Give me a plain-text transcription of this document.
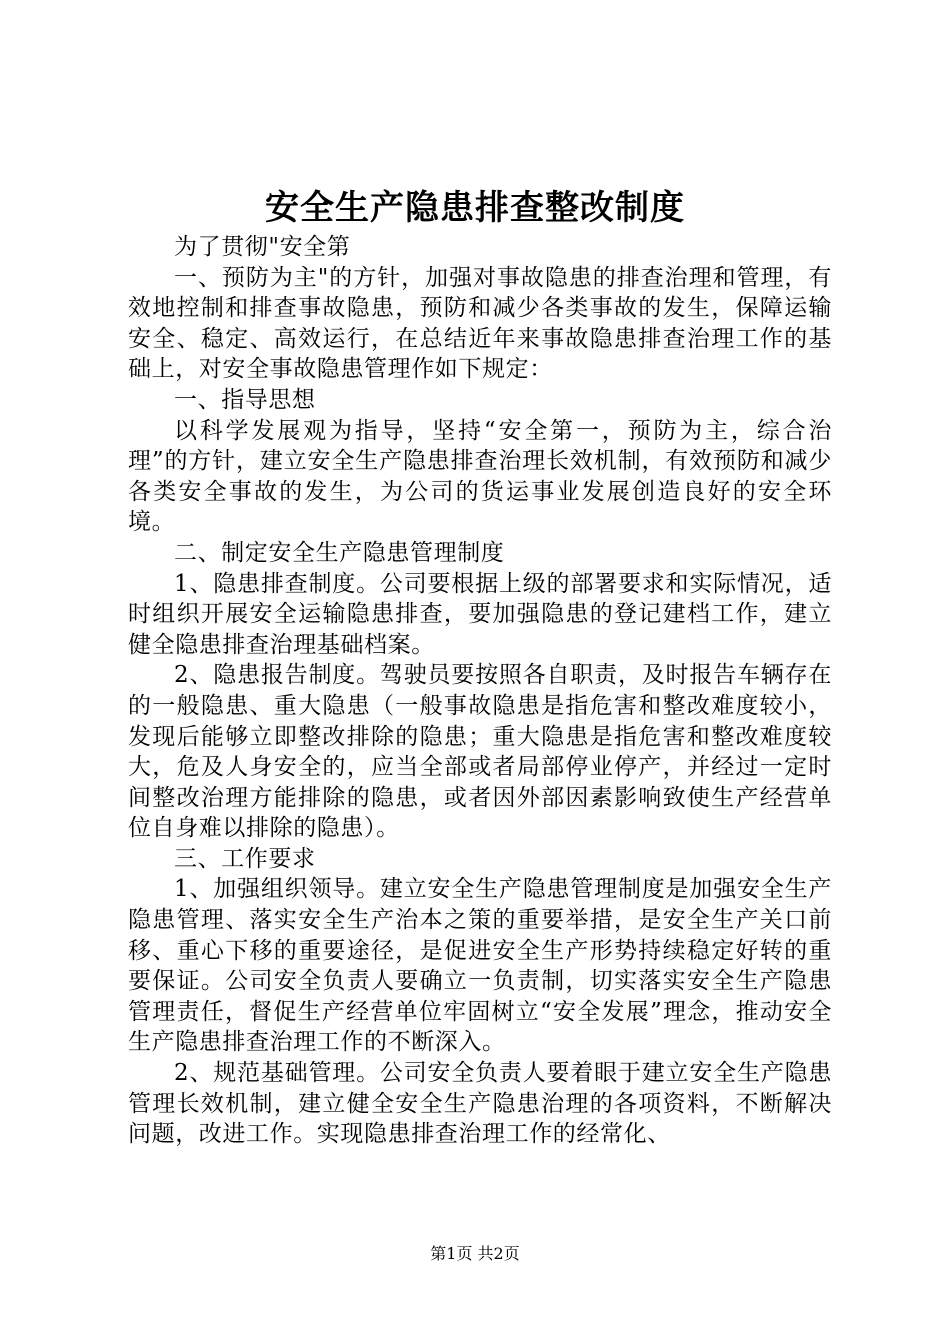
安全生产隐患排查整改制度

为了贯彻"安全第

一、预防为主"的方针，加强对事故隐患的排查治理和管理，有效地控制和排查事故隐患，预防和减少各类事故的发生，保障运输安全、稳定、高效运行，在总结近年来事故隐患排查治理工作的基础上，对安全事故隐患管理作如下规定：

一、指导思想

以科学发展观为指导，坚持“安全第一，预防为主，综合治理”的方针，建立安全生产隐患排查治理长效机制，有效预防和减少各类安全事故的发生，为公司的货运事业发展创造良好的安全环境。

二、制定安全生产隐患管理制度

1、隐患排查制度。公司要根据上级的部署要求和实际情况，适时组织开展安全运输隐患排查，要加强隐患的登记建档工作，建立健全隐患排查治理基础档案。

2、隐患报告制度。驾驶员要按照各自职责，及时报告车辆存在的一般隐患、重大隐患（一般事故隐患是指危害和整改难度较小，发现后能够立即整改排除的隐患；重大隐患是指危害和整改难度较大，危及人身安全的，应当全部或者局部停业停产，并经过一定时间整改治理方能排除的隐患，或者因外部因素影响致使生产经营单位自身难以排除的隐患）。

三、工作要求

1、加强组织领导。建立安全生产隐患管理制度是加强安全生产隐患管理、落实安全生产治本之策的重要举措，是安全生产关口前移、重心下移的重要途径，是促进安全生产形势持续稳定好转的重要保证。公司安全负责人要确立一负责制，切实落实安全生产隐患管理责任，督促生产经营单位牢固树立“安全发展”理念，推动安全生产隐患排查治理工作的不断深入。

2、规范基础管理。公司安全负责人要着眼于建立安全生产隐患管理长效机制，建立健全安全生产隐患治理的各项资料，不断解决问题，改进工作。实现隐患排查治理工作的经常化、

第1页 共2页
